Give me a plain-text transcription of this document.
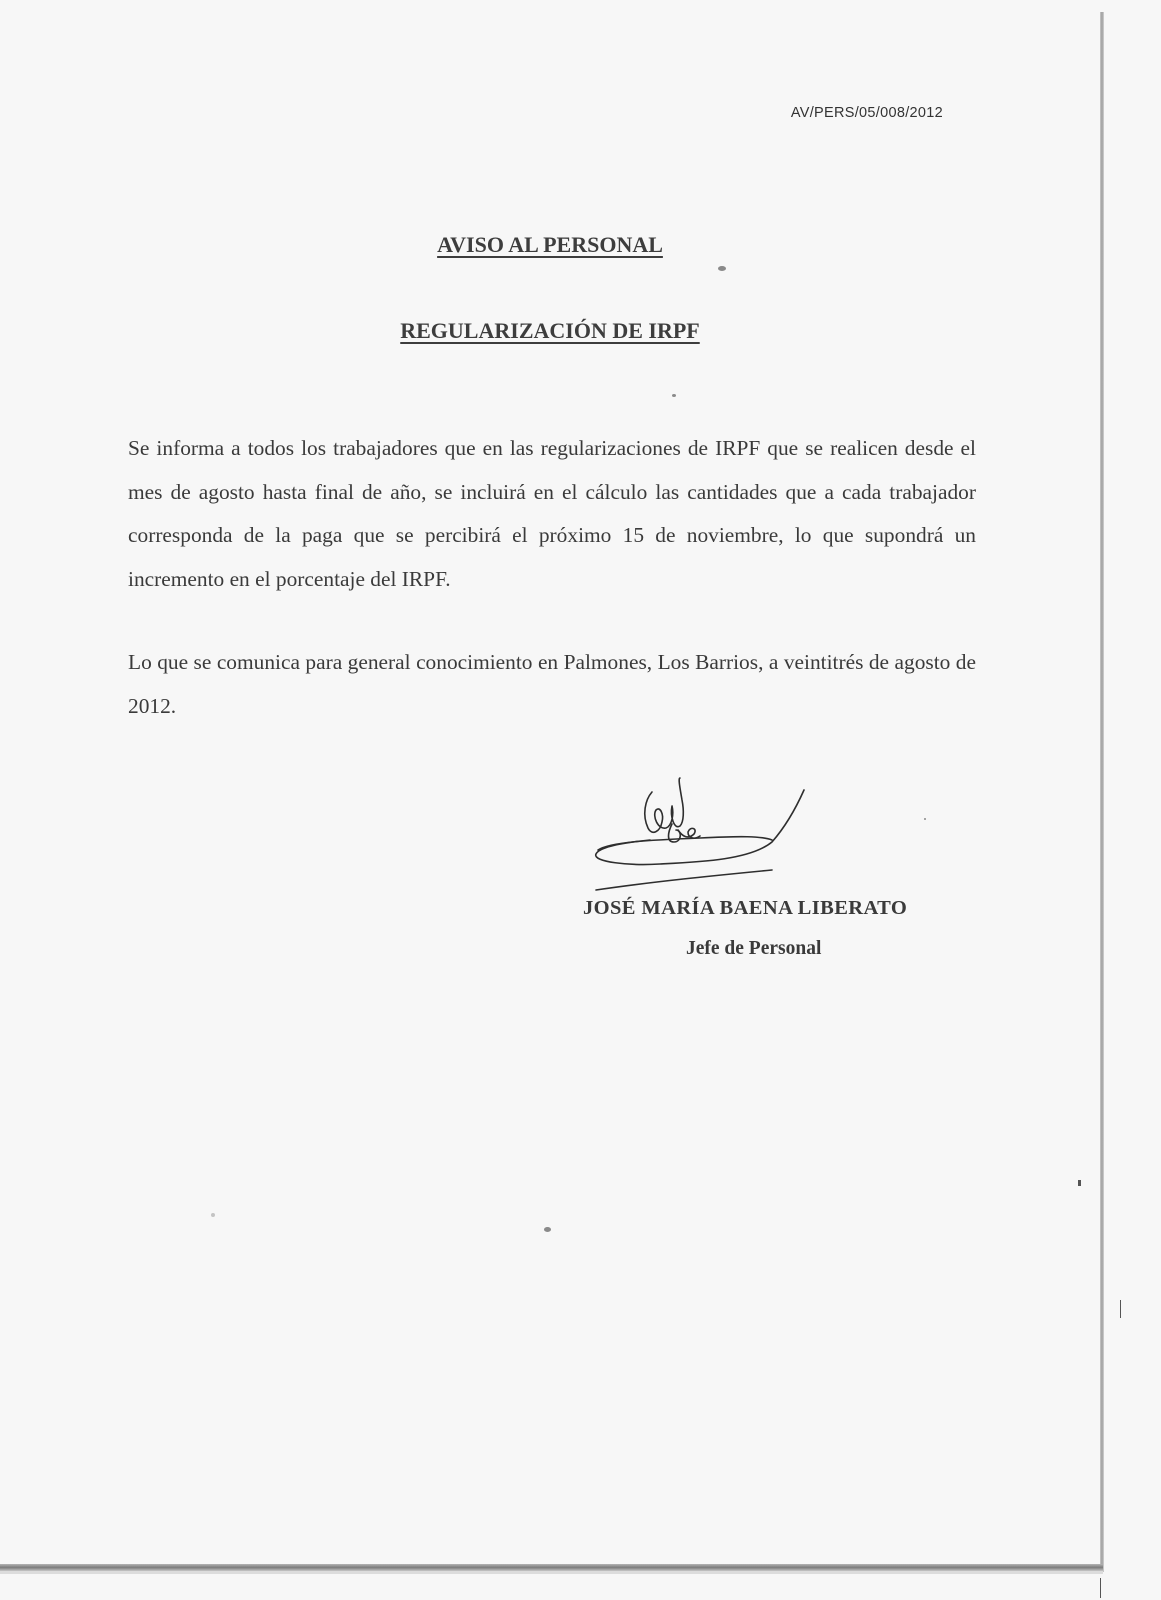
AV/PERS/05/008/2012
AVISO AL PERSONAL
REGULARIZACIÓN DE IRPF

Se informa a todos los trabajadores que en las regularizaciones de IRPF que se realicen desde el mes de agosto hasta final de año, se incluirá en el cálculo las cantidades que a cada trabajador corresponda de la paga que se percibirá el próximo 15 de noviembre, lo que supondrá un incremento en el porcentaje del IRPF.

Lo que se comunica para general conocimiento en Palmones, Los Barrios, a veintitrés de agosto de 2012.

JOSÉ MARÍA BAENA LIBERATO
Jefe de Personal
